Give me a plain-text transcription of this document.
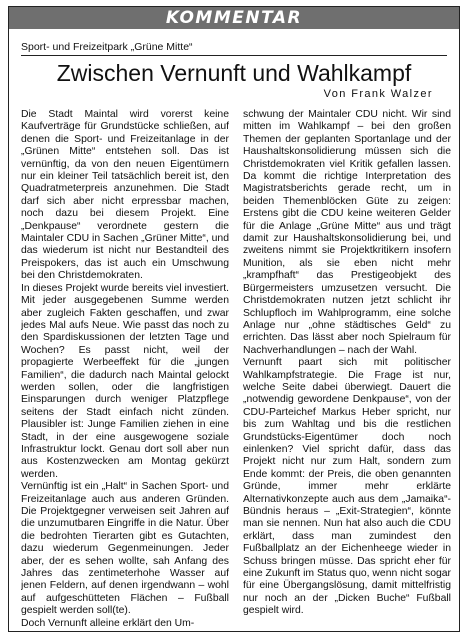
KOMMENTAR
Sport- und Freizeitpark „Grüne Mitte“
Zwischen Vernunft und Wahlkampf
Von Frank Walzer

Die Stadt Maintal wird vorerst keine Kaufverträge für Grundstücke schließen, auf denen die Sport- und Freizeitanlage in der „Grünen Mitte“ entstehen soll. Das ist vernünftig, da von den neuen Eigentümern nur ein kleiner Teil tatsächlich bereit ist, den Quadratmeterpreis anzunehmen. Die Stadt darf sich aber nicht erpressbar machen, noch dazu bei diesem Projekt. Eine „Denkpause“ verordnete gestern die Maintaler CDU in Sachen „Grüner Mitte“, und das wiederum ist nicht nur Bestandteil des Preispokers, das ist auch ein Umschwung bei den Christdemokraten.

In dieses Projekt wurde bereits viel investiert. Mit jeder ausgegebenen Summe werden aber zugleich Fakten geschaffen, und zwar jedes Mal aufs Neue. Wie passt das noch zu den Spardiskussionen der letzten Tage und Wochen? Es passt nicht, weil der propagierte Werbeeffekt für die „jungen Familien“, die dadurch nach Maintal gelockt werden sollen, oder die langfristigen Einsparungen durch weniger Platzpflege seitens der Stadt einfach nicht zünden. Plausibler ist: Junge Familien ziehen in eine Stadt, in der eine ausgewogene soziale Infrastruktur lockt. Genau dort soll aber nun aus Kostenzwecken am Montag gekürzt werden.

Vernünftig ist ein „Halt“ in Sachen Sport- und Freizeitanlage auch aus anderen Gründen. Die Projektgegner verweisen seit Jahren auf die unzumutbaren Eingriffe in die Natur. Über die bedrohten Tierarten gibt es Gutachten, dazu wiederum Gegenmeinungen. Jeder aber, der es sehen wollte, sah Anfang des Jahres das zentimeterhohe Wasser auf jenen Feldern, auf denen irgendwann – wohl auf aufgeschütteten Flächen – Fußball gespielt werden soll(te).

Doch Vernunft alleine erklärt den Um-

schwung der Maintaler CDU nicht. Wir sind mitten im Wahlkampf – bei den großen Themen der geplanten Sportanlage und der Haushaltskonsolidierung müssen sich die Christdemokraten viel Kritik gefallen lassen. Da kommt die richtige Interpretation des Magistratsberichts gerade recht, um in beiden Themenblöcken Güte zu zeigen: Erstens gibt die CDU keine weiteren Gelder für die Anlage „Grüne Mitte“ aus und trägt damit zur Haushaltskonsolidierung bei, und zweitens nimmt sie Projektkritikern insofern Munition, als sie eben nicht mehr „krampfhaft“ das Prestigeobjekt des Bürgermeisters umzusetzen versucht. Die Christdemokraten nutzen jetzt schlicht ihr Schlupfloch im Wahlprogramm, eine solche Anlage nur „ohne städtisches Geld“ zu errichten. Das lässt aber noch Spielraum für Nachverhandlungen – nach der Wahl.

Vernunft paart sich mit politischer Wahlkampfstrategie. Die Frage ist nur, welche Seite dabei überwiegt. Dauert die „notwendig gewordene Denkpause“, von der CDU-Parteichef Markus Heber spricht, nur bis zum Wahltag und bis die restlichen Grundstücks-Eigentümer doch noch einlenken? Viel spricht dafür, dass das Projekt nicht nur zum Halt, sondern zum Ende kommt: der Preis, die oben genannten Gründe, immer mehr erklärte Alternativkonzepte auch aus dem „Jamaika“-Bündnis heraus – „Exit-Strategien“, könnte man sie nennen. Nun hat also auch die CDU erklärt, dass man zumindest den Fußballplatz an der Eichenheege wieder in Schuss bringen müsse. Das spricht eher für eine Zukunft im Status quo, wenn nicht sogar für eine Übergangslösung, damit mittelfristig nur noch an der „Dicken Buche“ Fußball gespielt wird.
